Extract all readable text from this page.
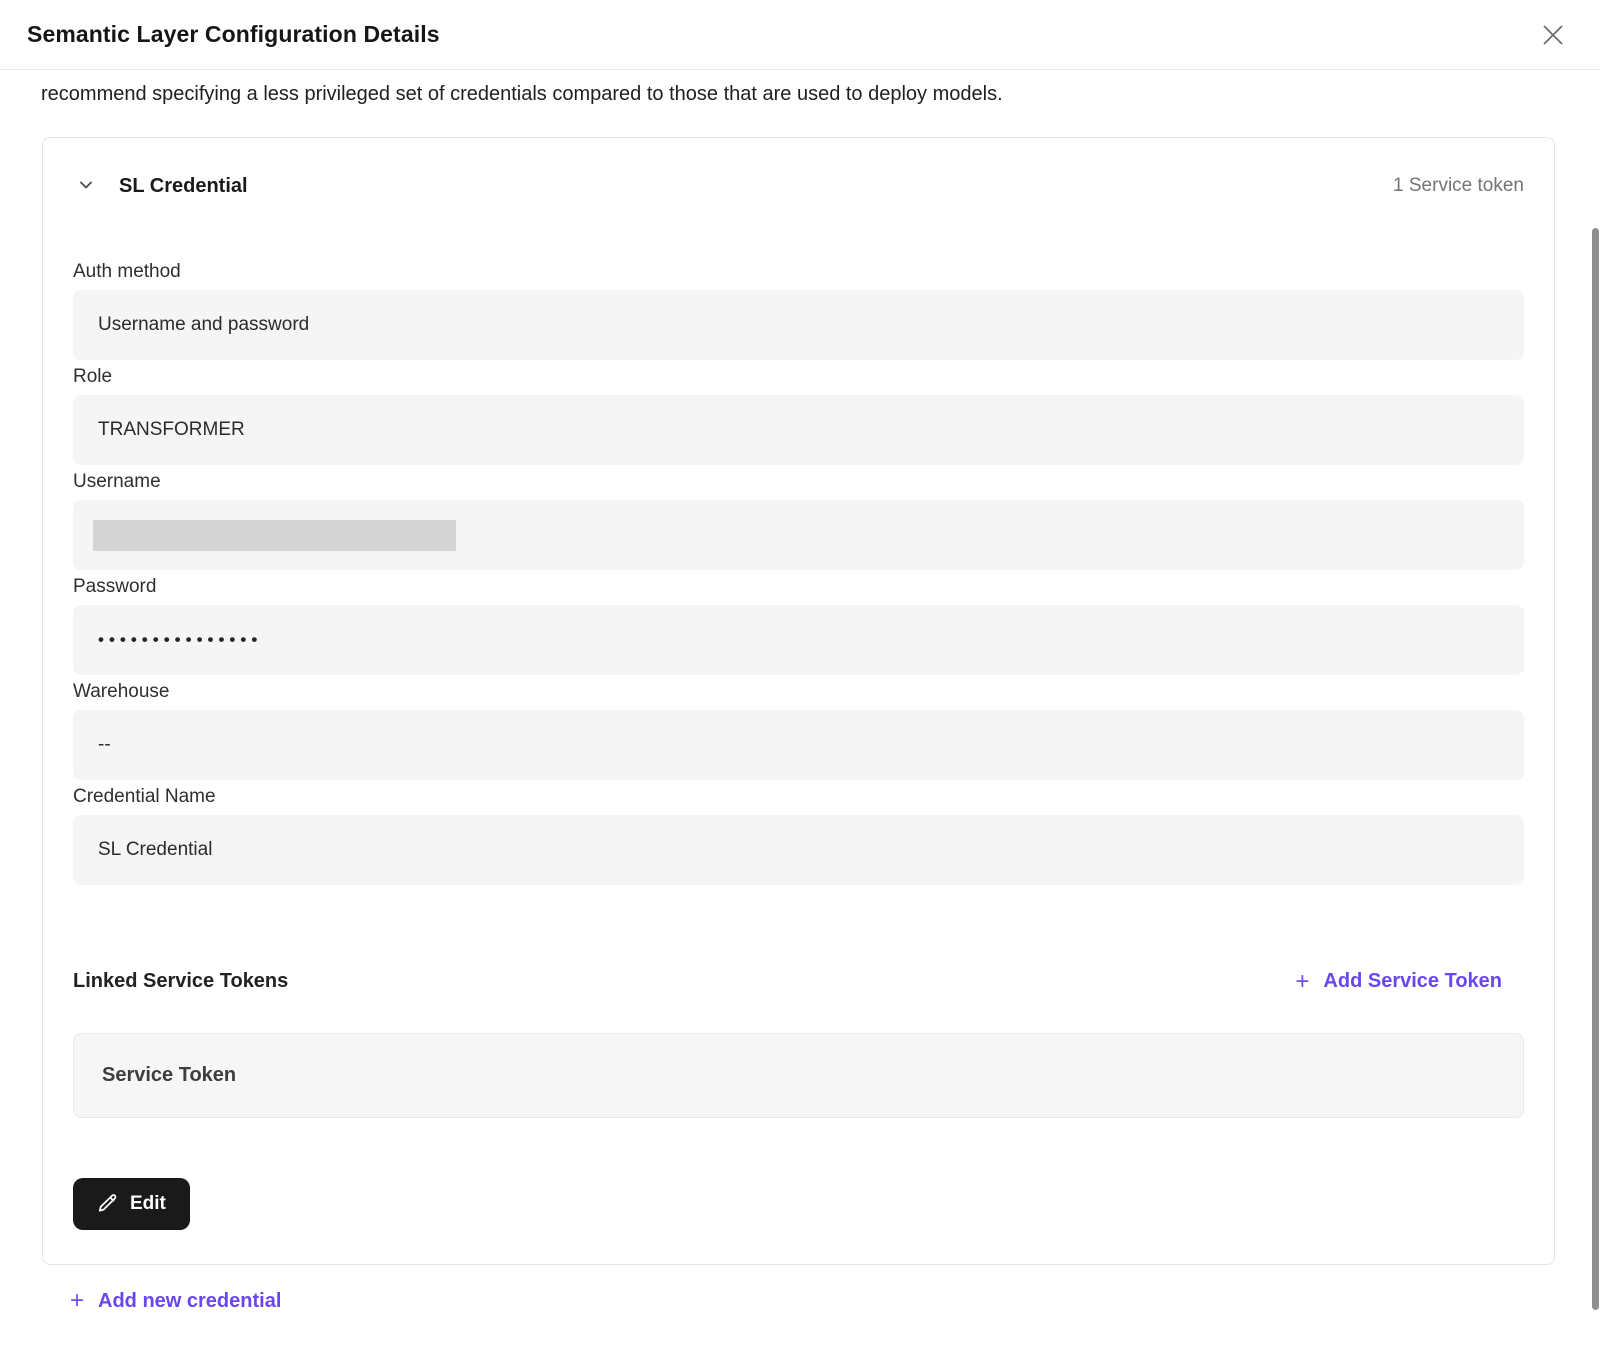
Semantic Layer Configuration Details
recommend specifying a less privileged set of credentials compared to those that are used to deploy models.
SL Credential	1 Service token
Auth method
Username and password
Role
TRANSFORMER
Username
Password
•••••••••••••••
Warehouse
--
Credential Name
SL Credential
Linked Service Tokens	+ Add Service Token
Service Token
Edit
+ Add new credential
